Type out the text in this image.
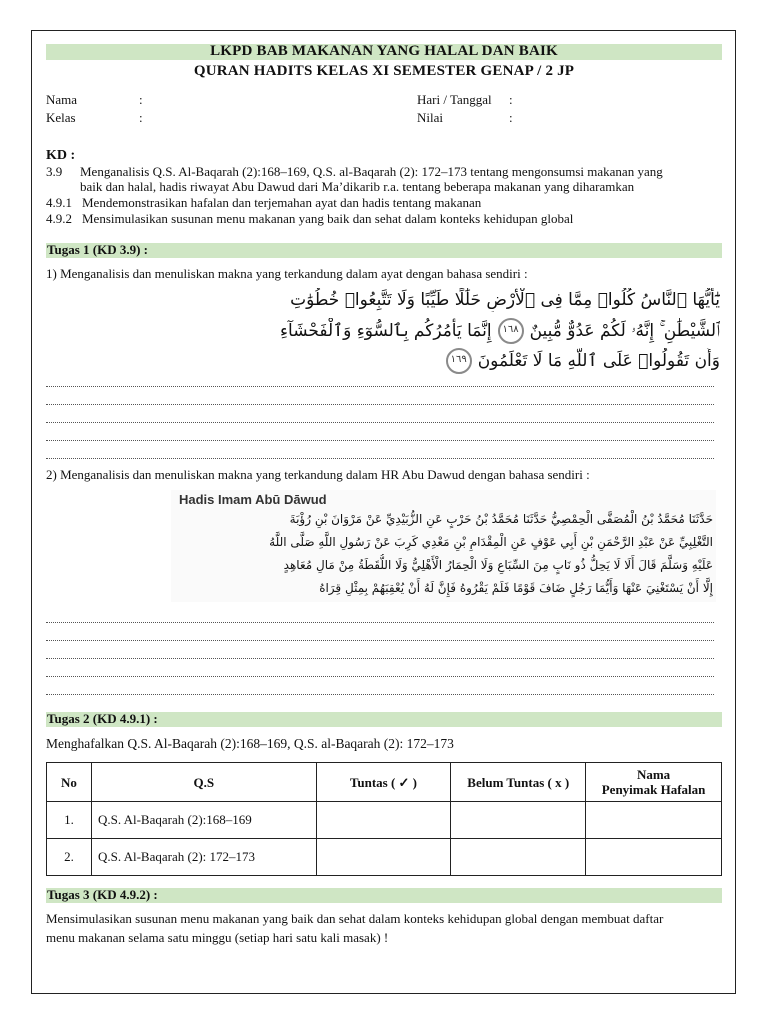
LKPD BAB MAKANAN YANG HALAL DAN BAIK
QURAN HADITS KELAS XI SEMESTER GENAP / 2 JP
Nama	:
Kelas	:
Hari / Tanggal :
Nilai	:
KD :
3.9 Menganalisis Q.S. Al-Baqarah (2):168–169, Q.S. al-Baqarah (2): 172–173 tentang mengonsumsi makanan yang
baik dan halal, hadis riwayat Abu Dawud dari Ma’dikarib r.a. tentang beberapa makanan yang diharamkan
4.9.1 Mendemonstrasikan hafalan dan terjemahan ayat dan hadis tentang makanan
4.9.2 Mensimulasikan susunan menu makanan yang baik dan sehat dalam konteks kehidupan global
Tugas 1 (KD 3.9) :
1) Menganalisis dan menuliskan makna yang terkandung dalam ayat dengan bahasa sendiri :
يَٰٓأَيُّهَا ٱلنَّاسُ كُلُوا۟ مِمَّا فِى ٱلْأَرْضِ حَلَٰلًا طَيِّبًا وَلَا تَتَّبِعُوا۟ خُطُوَٰتِ
ٱلشَّيْطَٰنِ ۚ إِنَّهُۥ لَكُمْ عَدُوٌّ مُّبِينٌ١٦٨إِنَّمَا يَأْمُرُكُم بِٱلسُّوٓءِ وَٱلْفَحْشَآءِ
وَأَن تَقُولُوا۟ عَلَى ٱللَّهِ مَا لَا تَعْلَمُونَ١٦٩
2) Menganalisis dan menuliskan makna yang terkandung dalam HR Abu Dawud dengan bahasa sendiri :
Hadis Imam Abū Dāwud
حَدَّثَنَا مُحَمَّدُ بْنُ الْمُصَفَّى الْحِمْصِيُّ حَدَّثَنَا مُحَمَّدُ بْنُ حَرْبٍ عَنِ الزُّبَيْدِيِّ عَنْ مَرْوَانَ بْنِ رُؤْبَةَ
التَّغْلِبِيِّ عَنْ عَبْدِ الرَّحْمَنِ بْنِ أَبِي عَوْفٍ عَنِ الْمِقْدَامِ بْنِ مَعْدِي كَرِبَ عَنْ رَسُولِ اللَّهِ صَلَّى اللَّهُ
عَلَيْهِ وَسَلَّمَ قَالَ أَلَا لَا يَحِلُّ ذُو نَابٍ مِنَ السِّبَاعِ وَلَا الْحِمَارُ الْأَهْلِيُّ وَلَا اللُّقَطَةُ مِنْ مَالِ مُعَاهِدٍ
إِلَّا أَنْ يَسْتَغْنِيَ عَنْهَا وَأَيُّمَا رَجُلٍ ضَافَ قَوْمًا فَلَمْ يَقْرُوهُ فَإِنَّ لَهُ أَنْ يُعْقِبَهُمْ بِمِثْلِ قِرَاهُ
Tugas 2 (KD 4.9.1) :
Menghafalkan Q.S. Al-Baqarah (2):168–169, Q.S. al-Baqarah (2): 172–173
No	Q.S	Tuntas ( ✓ )	Belum Tuntas ( x )	Nama
Penyimak Hafalan

1.	Q.S. Al-Baqarah (2):168–169			
2.	Q.S. Al-Baqarah (2): 172–173			
Tugas 3 (KD 4.9.2) :
Mensimulasikan susunan menu makanan yang baik dan sehat dalam konteks kehidupan global dengan membuat daftar
menu makanan selama satu minggu (setiap hari satu kali masak) !
